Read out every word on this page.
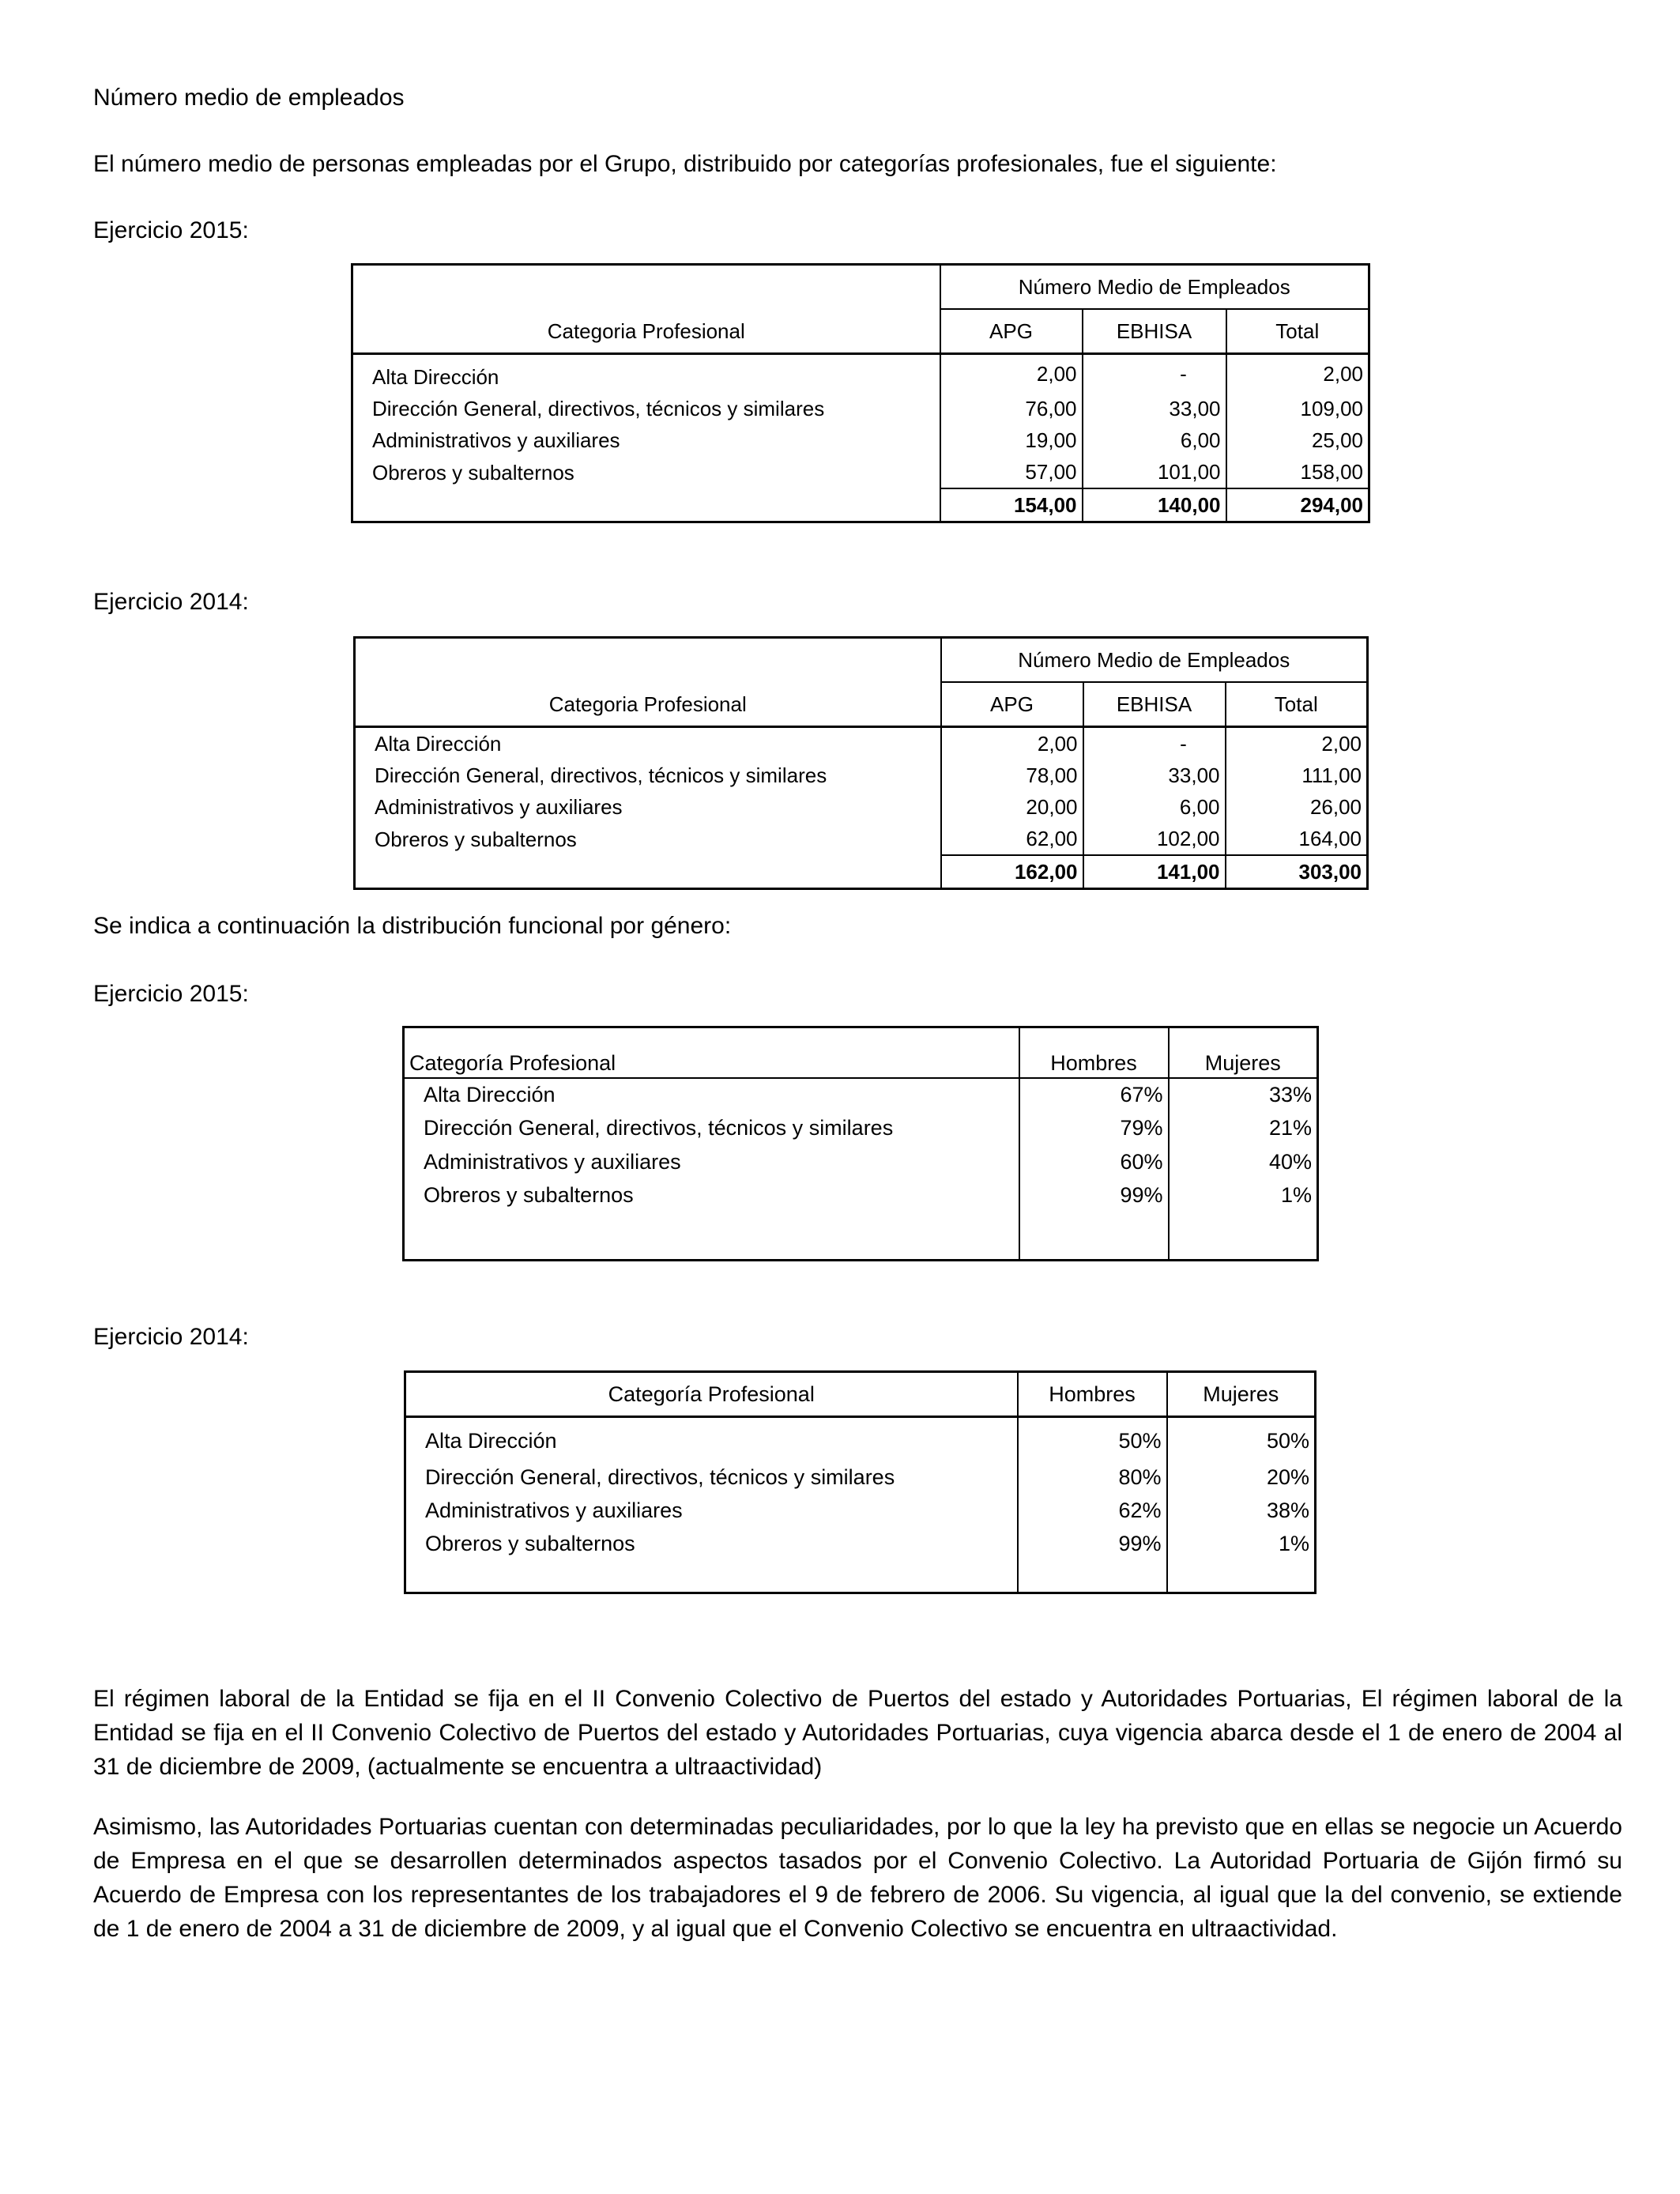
Número medio de empleados

El número medio de personas empleadas por el Grupo, distribuido por categorías profesionales, fue el siguiente:

Ejercicio 2015:

	Número Medio de Empleados		
Categoria Profesional	APG	EBHISA	Total
Alta Dirección	2,00	-	2,00
Dirección General, directivos, técnicos y similares	76,00	33,00	109,00
Administrativos y auxiliares	19,00	6,00	25,00
Obreros y subalternos	57,00	101,00	158,00
	154,00	140,00	294,00

Ejercicio 2014:

	Número Medio de Empleados		
Categoria Profesional	APG	EBHISA	Total
Alta Dirección	2,00	-	2,00
Dirección General, directivos, técnicos y similares	78,00	33,00	111,00
Administrativos y auxiliares	20,00	6,00	26,00
Obreros y subalternos	62,00	102,00	164,00
	162,00	141,00	303,00

Se indica a continuación la distribución funcional por género:

Ejercicio 2015:

Categoría Profesional	Hombres	Mujeres
Alta Dirección	67%	33%
Dirección General, directivos, técnicos y similares	79%	21%
Administrativos y auxiliares	60%	40%
Obreros y subalternos	99%	1%

Ejercicio 2014:

Categoría Profesional	Hombres	Mujeres
Alta Dirección	50%	50%
Dirección General, directivos, técnicos y similares	80%	20%
Administrativos y auxiliares	62%	38%
Obreros y subalternos	99%	1%

El régimen laboral de la Entidad se fija en el II Convenio Colectivo de Puertos del estado y Autoridades Portuarias, El régimen laboral de la Entidad se fija en el II Convenio Colectivo de Puertos del estado y Autoridades Portuarias, cuya vigencia abarca desde el 1 de enero de 2004 al 31 de diciembre de 2009, (actualmente se encuentra a ultraactividad)

Asimismo, las Autoridades Portuarias cuentan con determinadas peculiaridades, por lo que la ley ha previsto que en ellas se negocie un Acuerdo de Empresa en el que se desarrollen determinados aspectos tasados por el Convenio Colectivo. La Autoridad Portuaria de Gijón firmó su Acuerdo de Empresa con los representantes de los trabajadores el 9 de febrero de 2006. Su vigencia, al igual que la del convenio, se extiende de 1 de enero de 2004 a 31 de diciembre de 2009, y al igual que el Convenio Colectivo se encuentra en ultraactividad.
